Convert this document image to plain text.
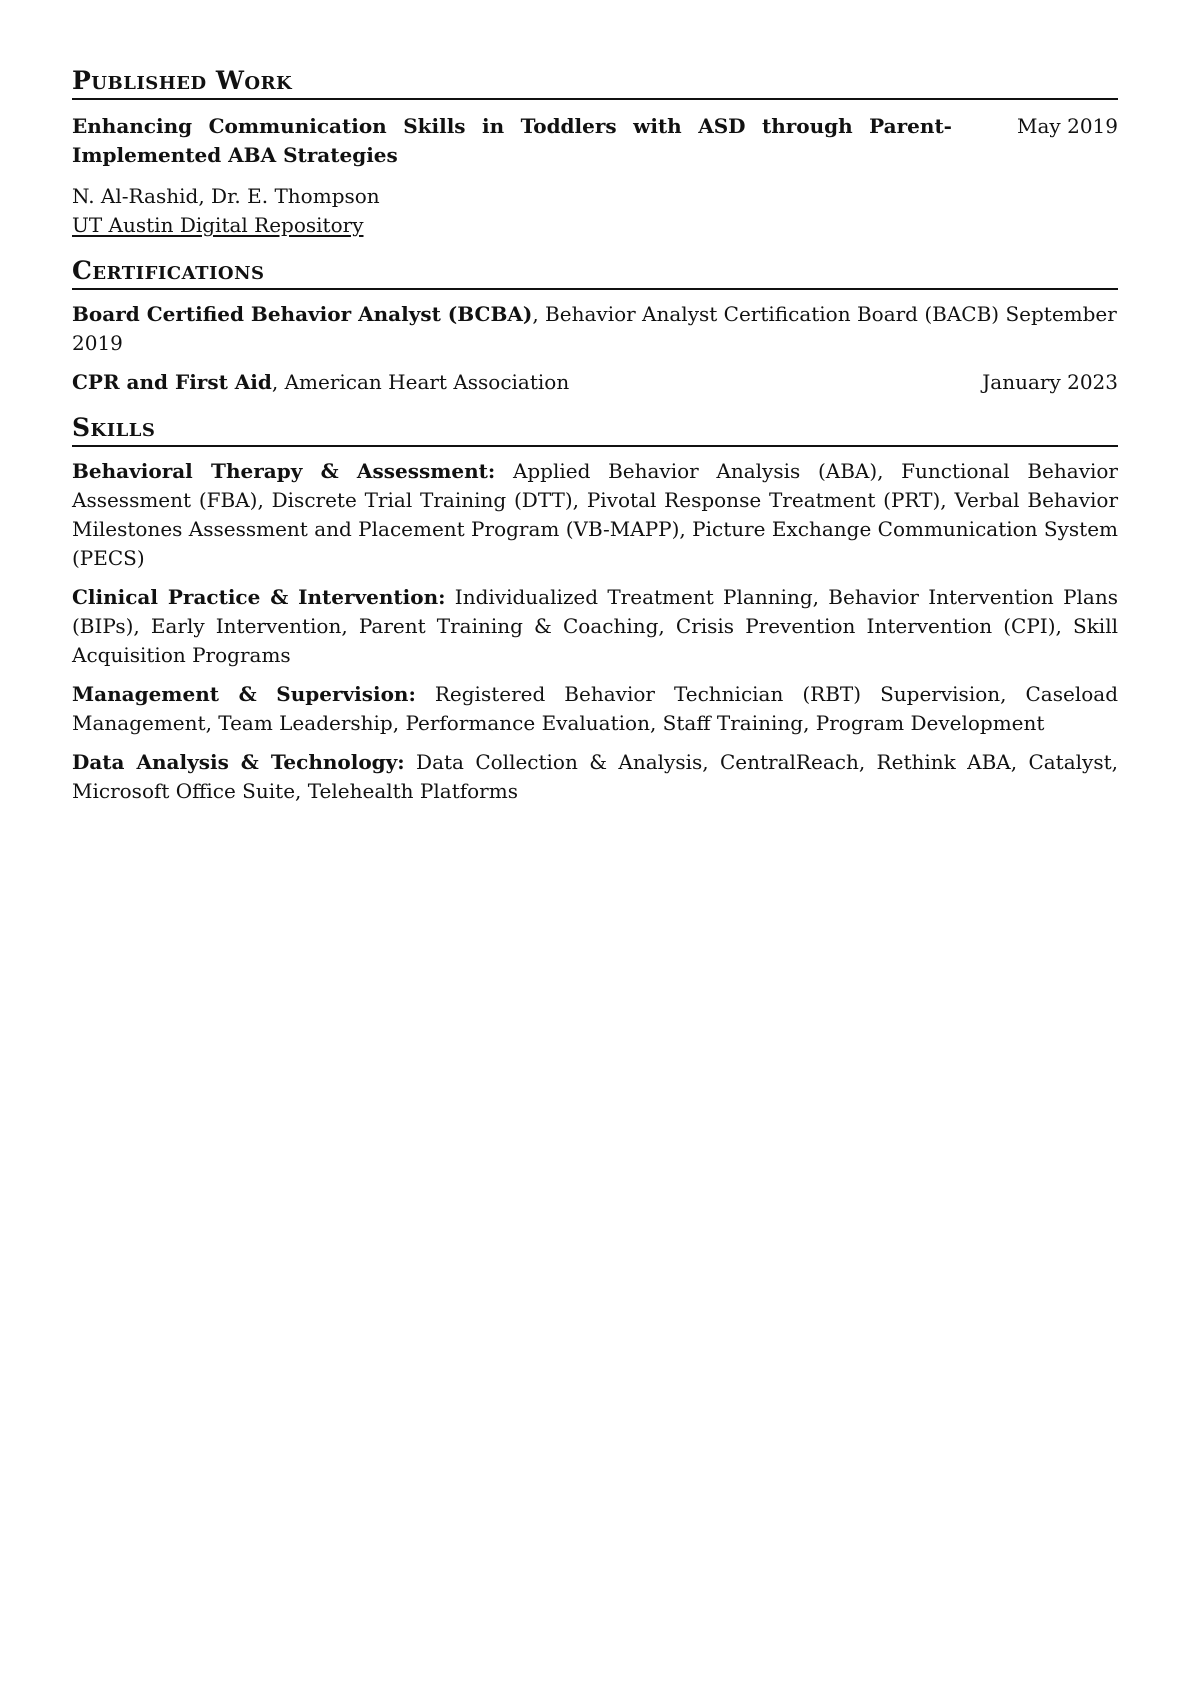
Published Work
Enhancing Communication Skills in Toddlers with ASD through Parent-Implemented ABA Strategies
May 2019
N. Al-Rashid, Dr. E. Thompson
UT Austin Digital Repository
Certifications
Board Certified Behavior Analyst (BCBA), Behavior Analyst Certification Board (BACB) September 2019
CPR and First Aid, American Heart Association	January 2023
Skills
Behavioral Therapy & Assessment: Applied Behavior Analysis (ABA), Functional Behavior Assessment (FBA), Discrete Trial Training (DTT), Pivotal Response Treatment (PRT), Verbal Behavior Milestones Assessment and Placement Program (VB-MAPP), Picture Exchange Communication System (PECS)
Clinical Practice & Intervention: Individualized Treatment Planning, Behavior Intervention Plans (BIPs), Early Intervention, Parent Training & Coaching, Crisis Prevention Intervention (CPI), Skill Acquisition Programs
Management & Supervision: Registered Behavior Technician (RBT) Supervision, Caseload Management, Team Leadership, Performance Evaluation, Staff Training, Program Development
Data Analysis & Technology: Data Collection & Analysis, CentralReach, Rethink ABA, Catalyst, Microsoft Office Suite, Telehealth Platforms
